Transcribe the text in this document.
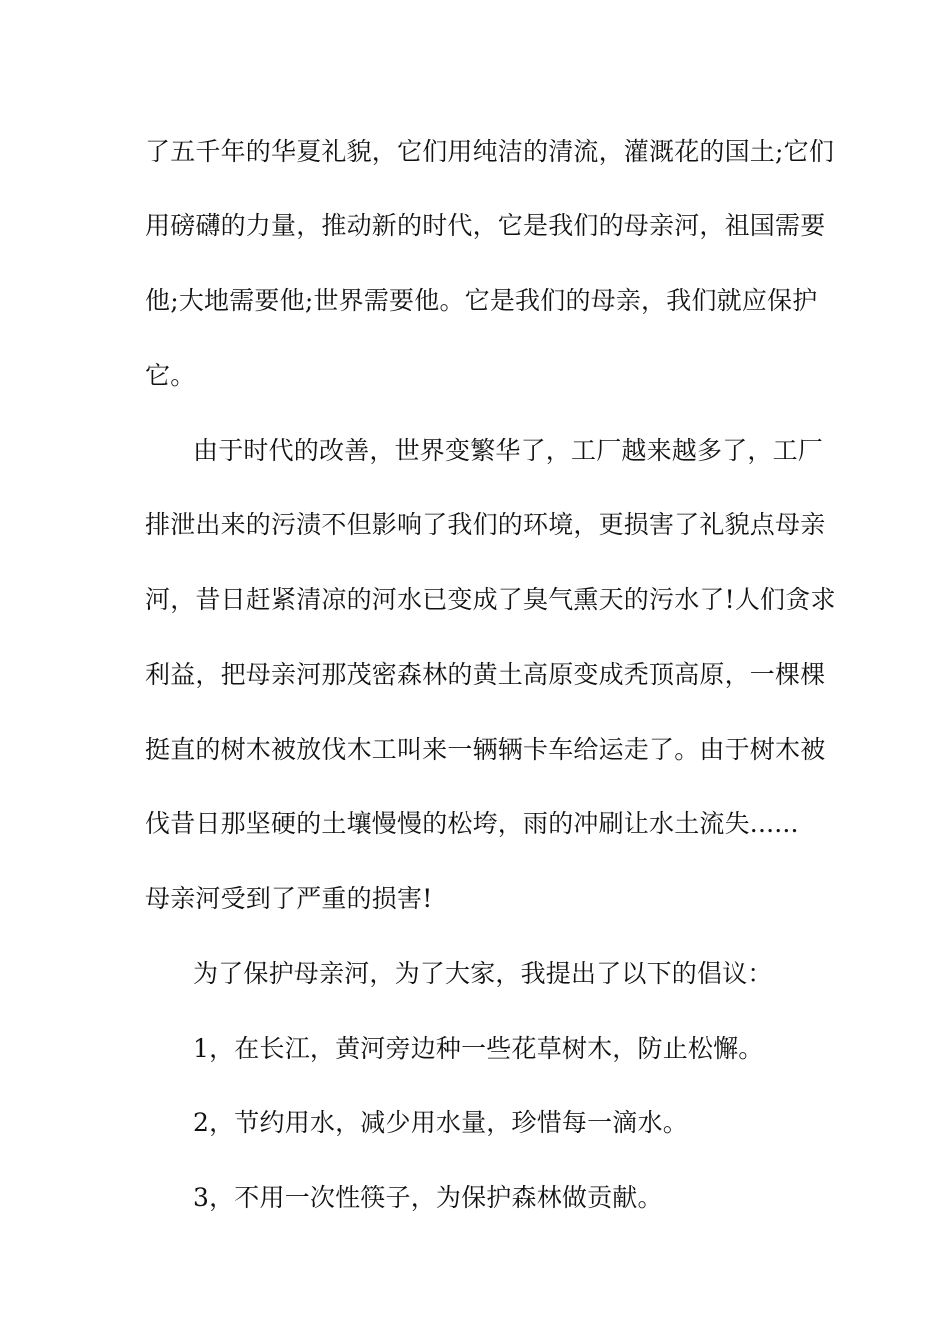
了五千年的华夏礼貌，它们用纯洁的清流，灌溉花的国土;它们
用磅礴的力量，推动新的时代，它是我们的母亲河，祖国需要
他;大地需要他;世界需要他。它是我们的母亲，我们就应保护
它。
由于时代的改善，世界变繁华了，工厂越来越多了，工厂
排泄出来的污渍不但影响了我们的环境，更损害了礼貌点母亲
河，昔日赶紧清凉的河水已变成了臭气熏天的污水了!人们贪求
利益，把母亲河那茂密森林的黄土高原变成秃顶高原，一棵棵
挺直的树木被放伐木工叫来一辆辆卡车给运走了。由于树木被
伐昔日那坚硬的土壤慢慢的松垮，雨的冲刷让水土流失......
母亲河受到了严重的损害!
为了保护母亲河，为了大家，我提出了以下的倡议：
1，在长江，黄河旁边种一些花草树木，防止松懈。
2，节约用水，减少用水量，珍惜每一滴水。
3，不用一次性筷子，为保护森林做贡献。
